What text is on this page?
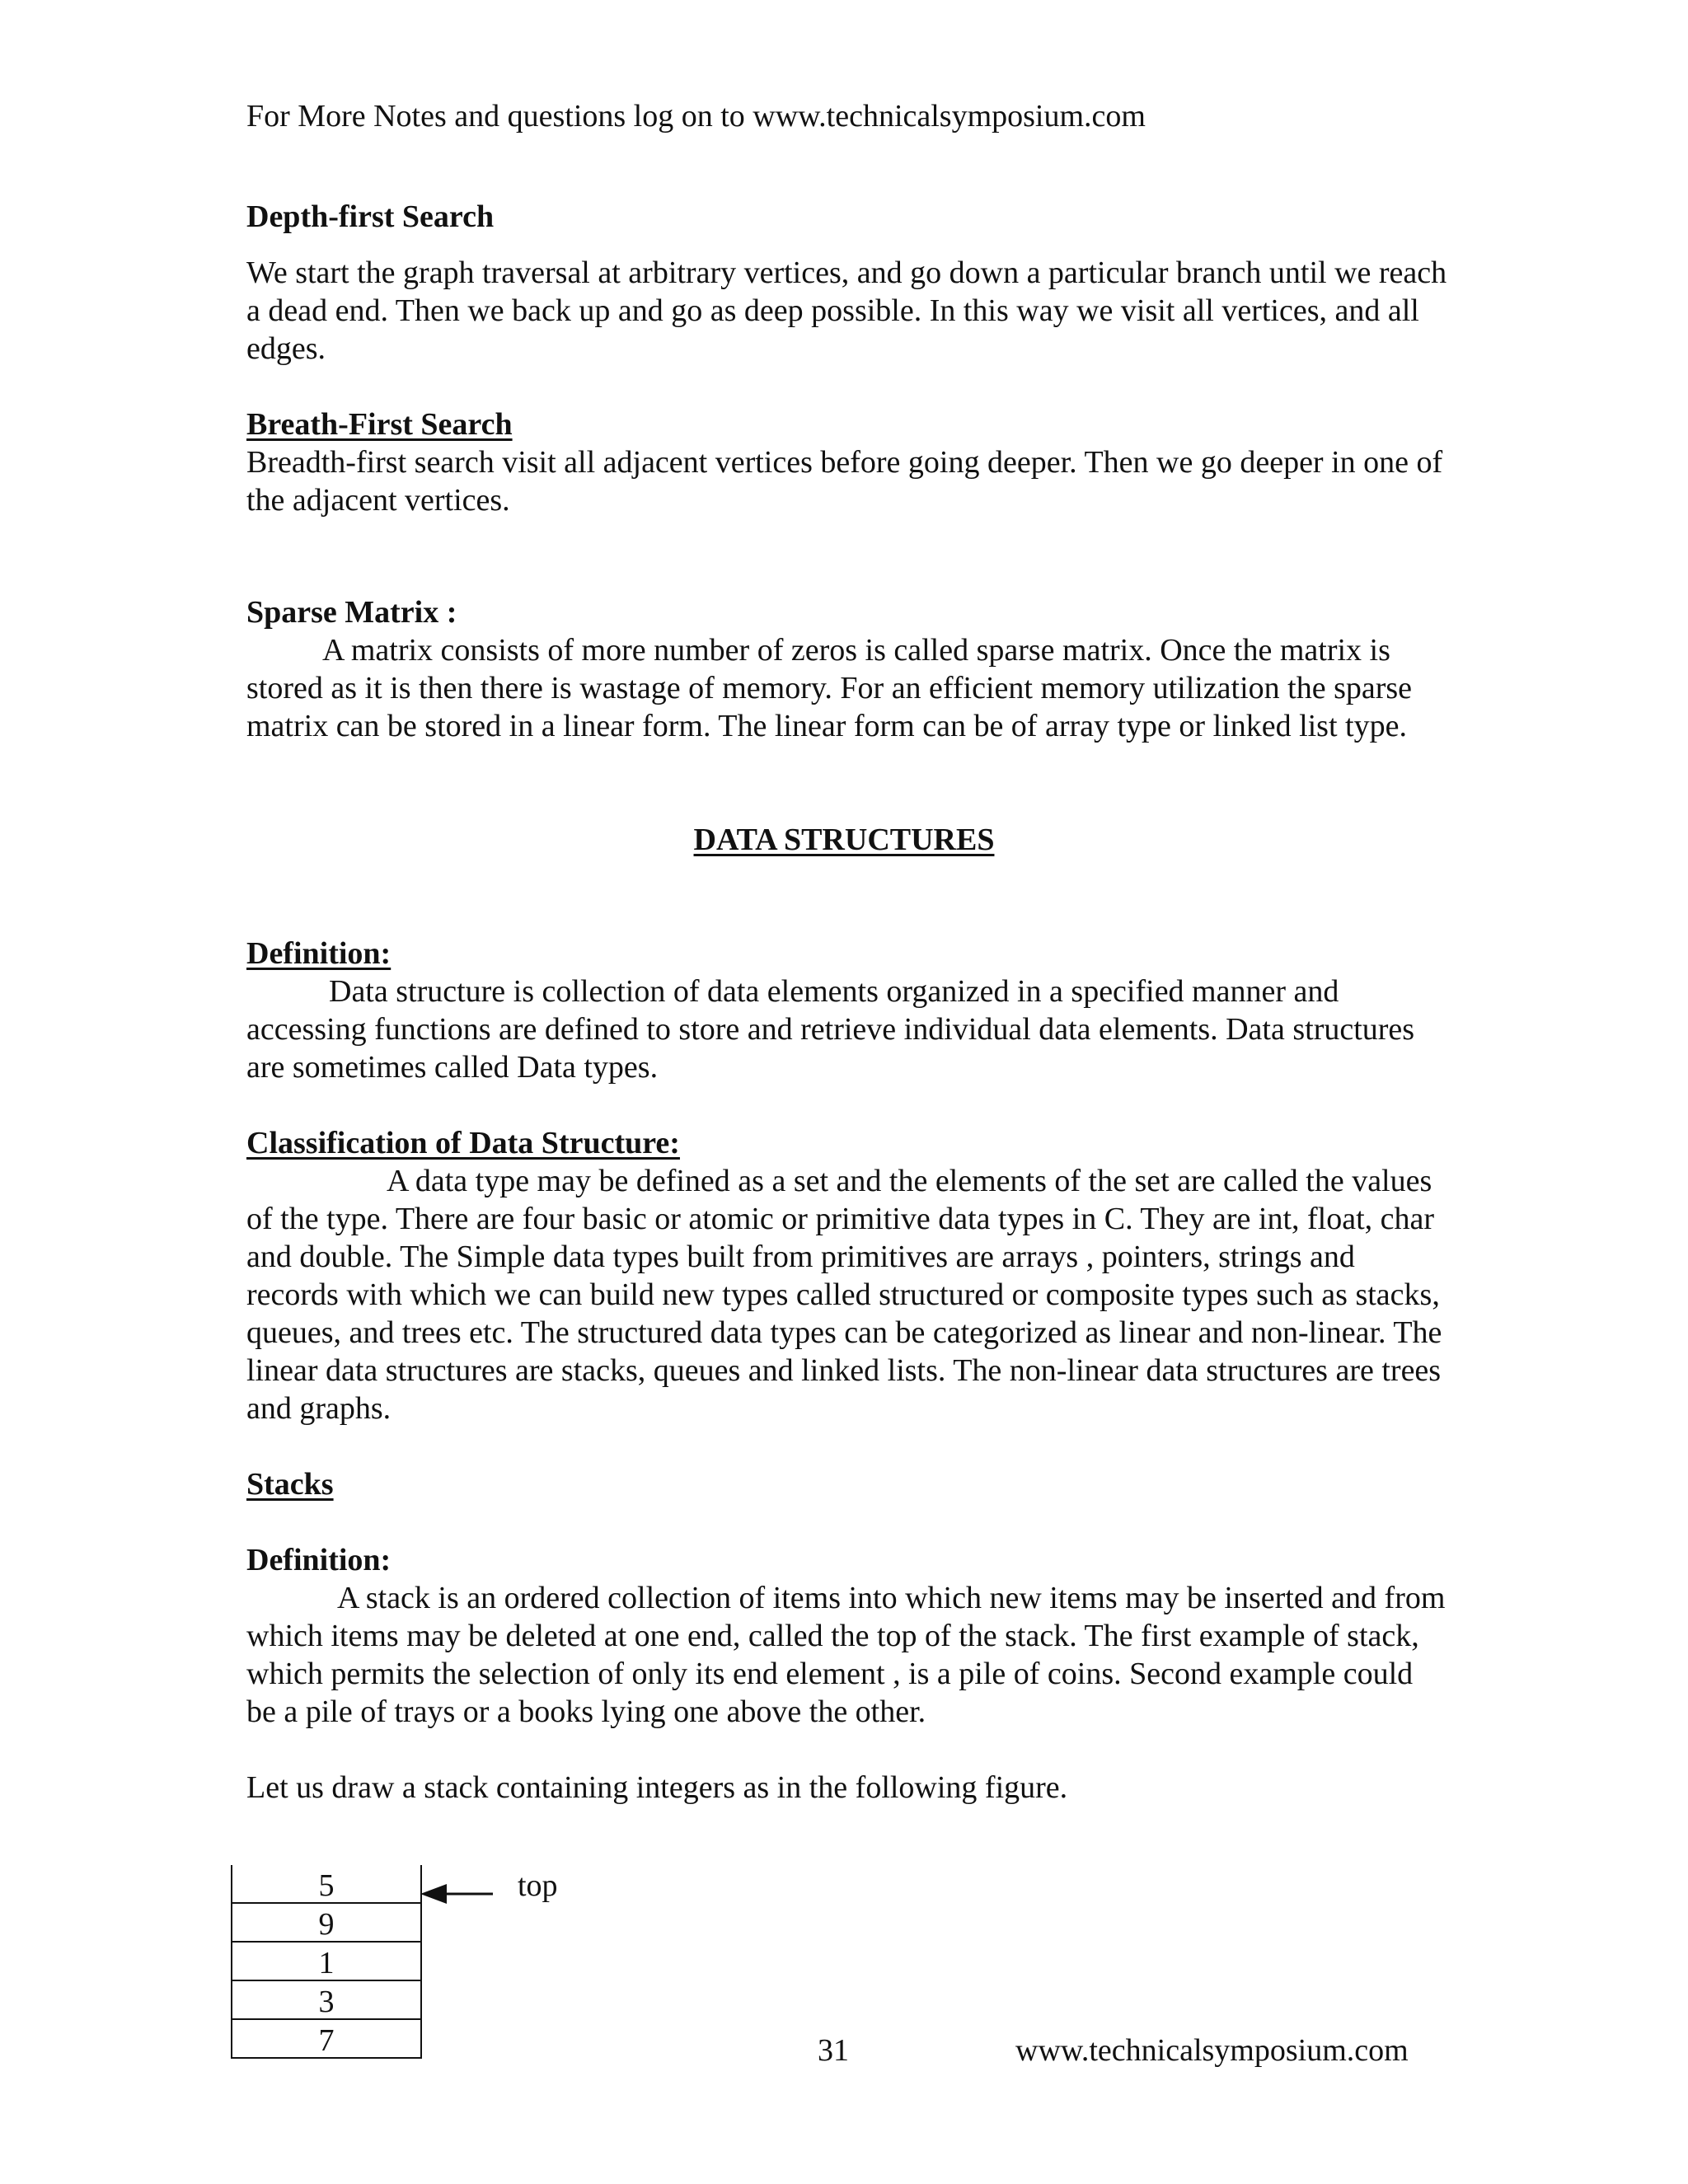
For More Notes and questions log on to www.technicalsymposium.com

Depth-first Search

We start the graph traversal at arbitrary vertices, and go down a particular branch until we reach a dead end. Then we back up and go as deep possible. In this way we visit all vertices, and all edges.

Breath-First Search

Breadth-first search visit all adjacent vertices before going deeper. Then we go deeper in one of the adjacent vertices.

Sparse Matrix :

A matrix consists of more number of zeros is called sparse matrix. Once the matrix is stored as it is then there is wastage of memory. For an efficient memory utilization the sparse matrix can be stored in a linear form. The linear form can be of array type or linked list type.

DATA STRUCTURES

Definition:

Data structure is collection of data elements organized in a specified manner and accessing functions are defined to store and retrieve individual data elements. Data structures are sometimes called Data types.

Classification of Data Structure:

A data type may be defined as a set and the elements of the set are called the values of the type. There are four basic or atomic or primitive data types in C. They are int, float, char and double. The Simple data types built from primitives are arrays , pointers, strings and records with which we can build new types called structured or composite types such as stacks, queues, and trees etc. The structured data types can be categorized as linear and non-linear. The linear data structures are stacks, queues and linked lists. The non-linear data structures are trees and graphs.

Stacks

Definition:

A stack is an ordered collection of items into which new items may be inserted and from which items may be deleted at one end, called the top of the stack. The first example of stack, which permits the selection of only its end element , is a pile of coins. Second example could be a pile of trays or a books lying one above the other.

Let us draw a stack containing integers as in the following figure.

5
9
1
3
7
top
31	www.technicalsymposium.com
